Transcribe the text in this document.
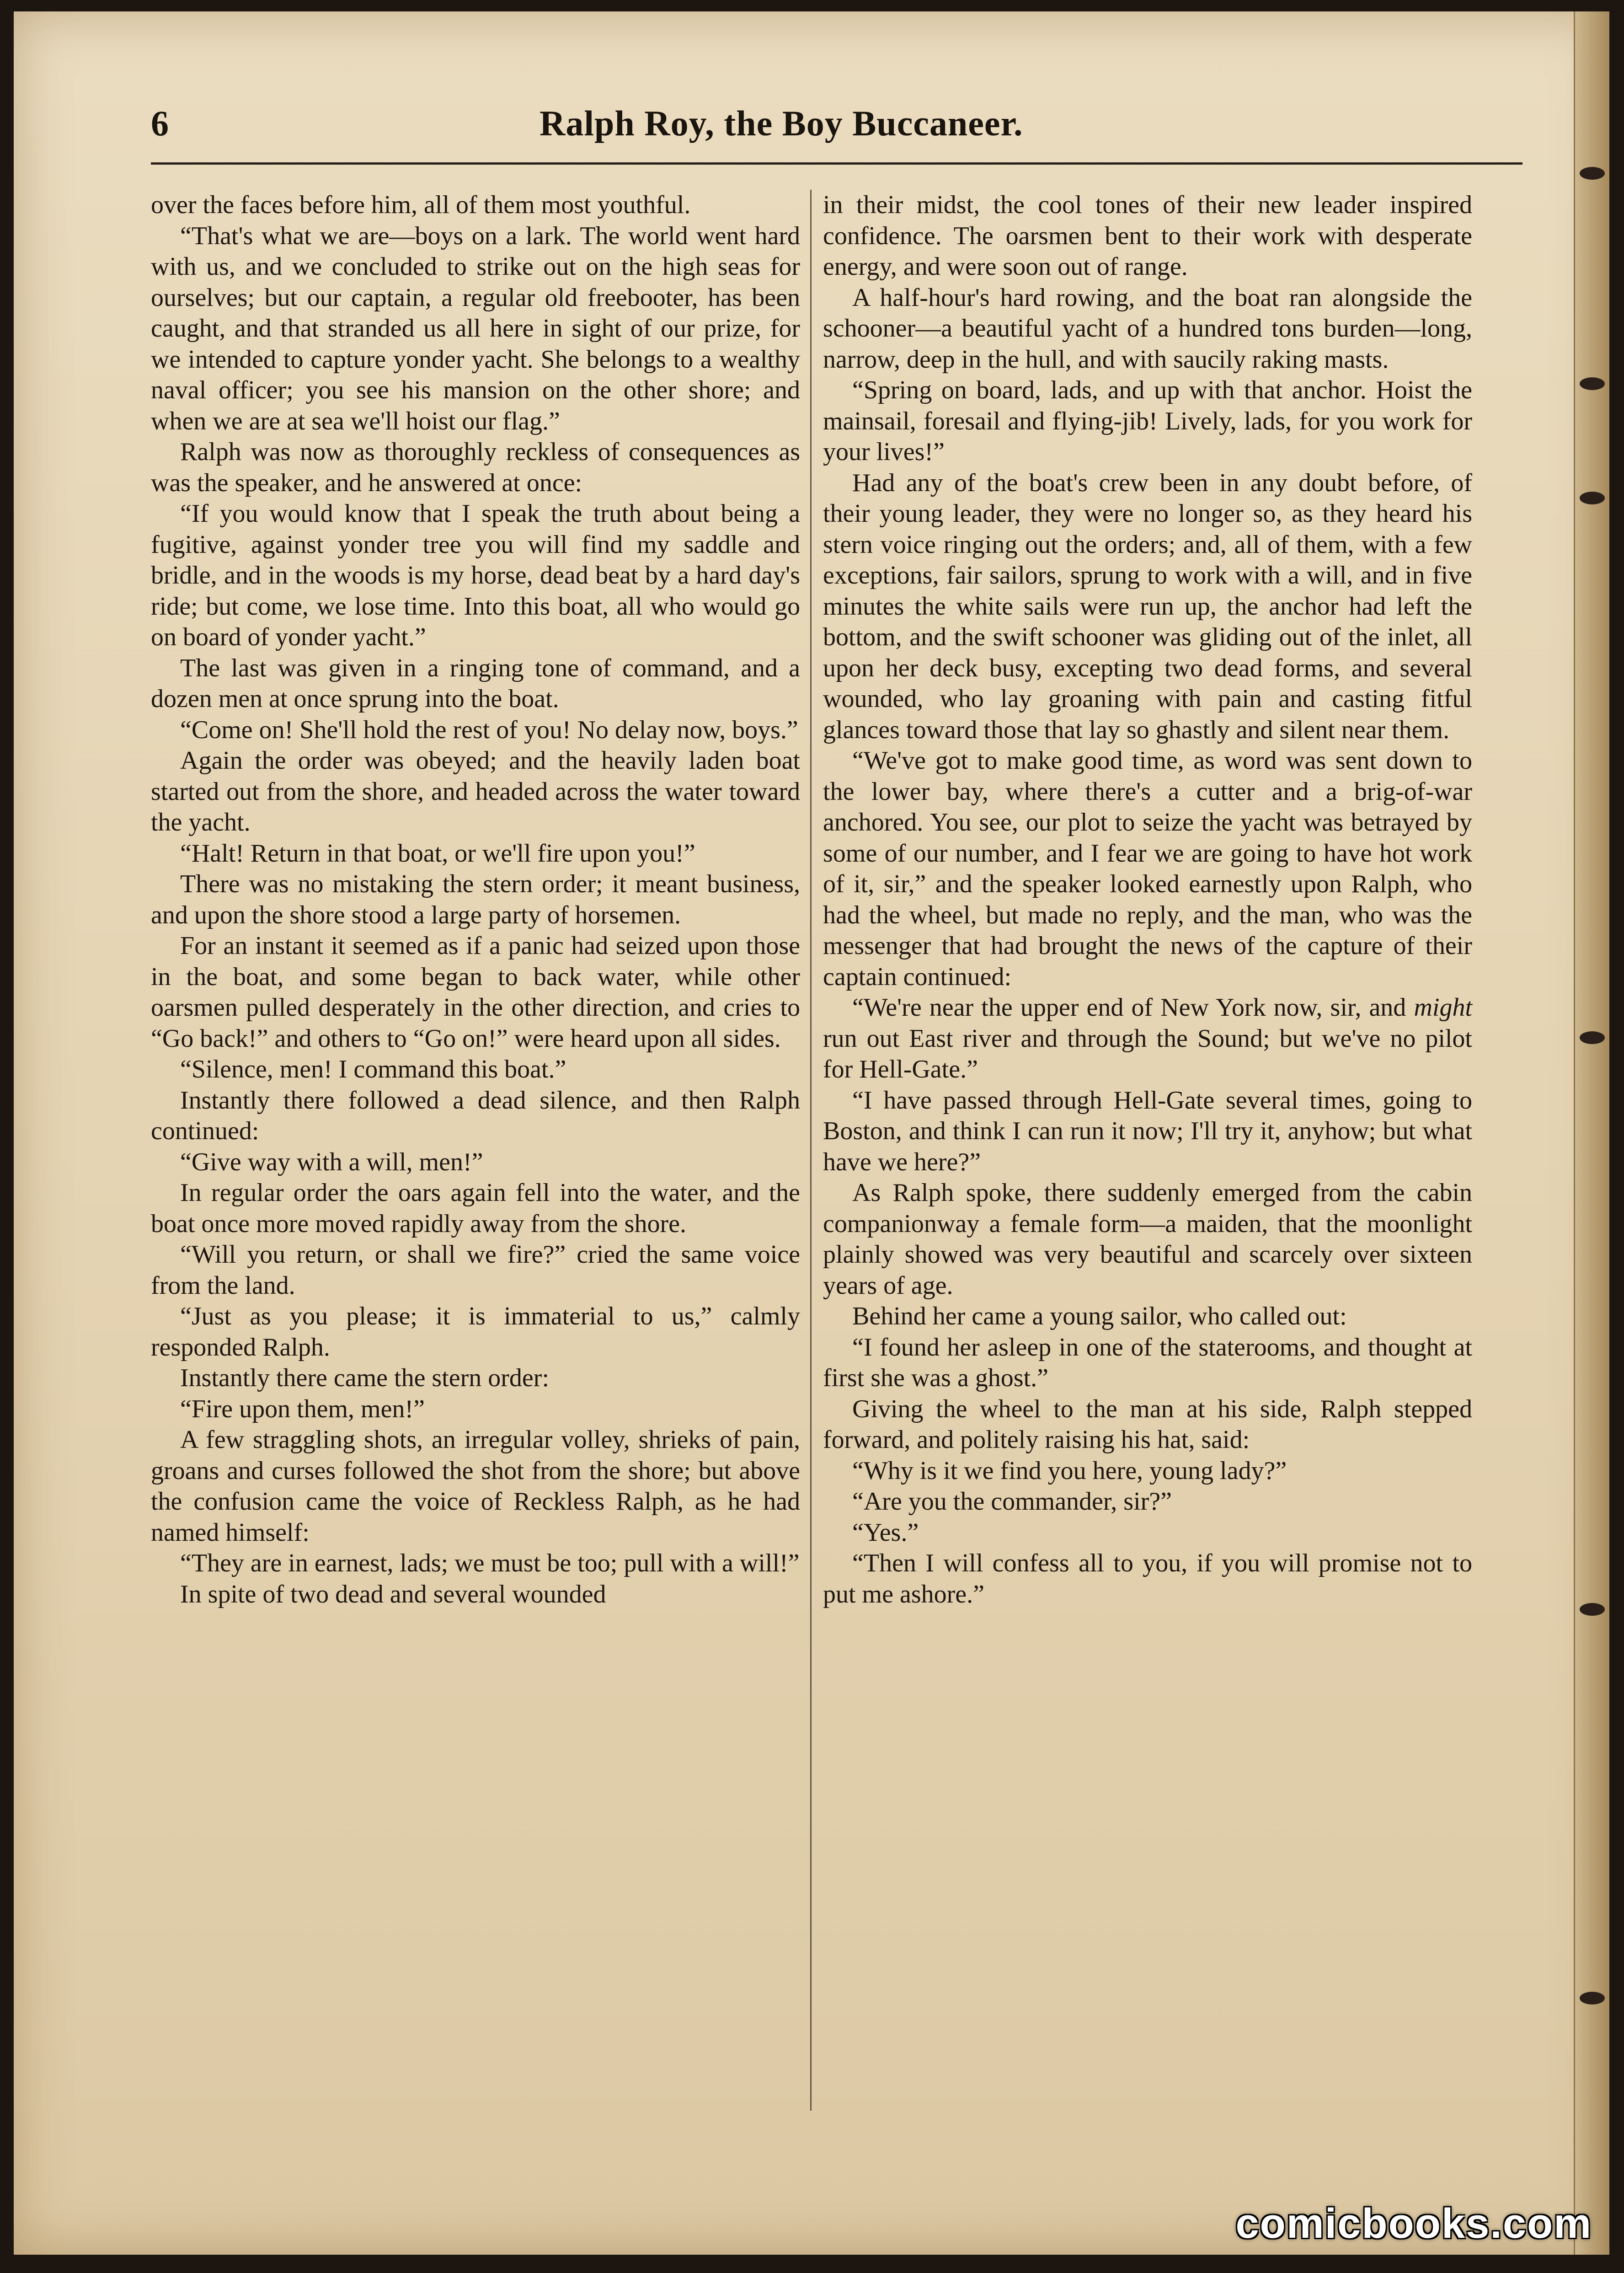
6	Ralph Roy, the Boy Buccaneer.

over the faces before him, all of them most youthful.

“That's what we are—boys on a lark. The world went hard with us, and we concluded to strike out on the high seas for ourselves; but our captain, a regular old freebooter, has been caught, and that stranded us all here in sight of our prize, for we intended to capture yonder yacht. She belongs to a wealthy naval officer; you see his mansion on the other shore; and when we are at sea we'll hoist our flag.”

Ralph was now as thoroughly reckless of consequences as was the speaker, and he answered at once:

“If you would know that I speak the truth about being a fugitive, against yonder tree you will find my saddle and bridle, and in the woods is my horse, dead beat by a hard day's ride; but come, we lose time. Into this boat, all who would go on board of yonder yacht.”

The last was given in a ringing tone of command, and a dozen men at once sprung into the boat.

“Come on! She'll hold the rest of you! No delay now, boys.”

Again the order was obeyed; and the heavily laden boat started out from the shore, and headed across the water toward the yacht.

“Halt! Return in that boat, or we'll fire upon you!”

There was no mistaking the stern order; it meant business, and upon the shore stood a large party of horsemen.

For an instant it seemed as if a panic had seized upon those in the boat, and some began to back water, while other oarsmen pulled desperately in the other direction, and cries to “Go back!” and others to “Go on!” were heard upon all sides.

“Silence, men! I command this boat.”

Instantly there followed a dead silence, and then Ralph continued:

“Give way with a will, men!”

In regular order the oars again fell into the water, and the boat once more moved rapidly away from the shore.

“Will you return, or shall we fire?” cried the same voice from the land.

“Just as you please; it is immaterial to us,” calmly responded Ralph.

Instantly there came the stern order:

“Fire upon them, men!”

A few straggling shots, an irregular volley, shrieks of pain, groans and curses followed the shot from the shore; but above the confusion came the voice of Reckless Ralph, as he had named himself:

“They are in earnest, lads; we must be too; pull with a will!”

In spite of two dead and several wounded

in their midst, the cool tones of their new leader inspired confidence. The oarsmen bent to their work with desperate energy, and were soon out of range.

A half-hour's hard rowing, and the boat ran alongside the schooner—a beautiful yacht of a hundred tons burden—long, narrow, deep in the hull, and with saucily raking masts.

“Spring on board, lads, and up with that anchor. Hoist the mainsail, foresail and flying-jib! Lively, lads, for you work for your lives!”

Had any of the boat's crew been in any doubt before, of their young leader, they were no longer so, as they heard his stern voice ringing out the orders; and, all of them, with a few exceptions, fair sailors, sprung to work with a will, and in five minutes the white sails were run up, the anchor had left the bottom, and the swift schooner was gliding out of the inlet, all upon her deck busy, excepting two dead forms, and several wounded, who lay groaning with pain and casting fitful glances toward those that lay so ghastly and silent near them.

“We've got to make good time, as word was sent down to the lower bay, where there's a cutter and a brig-of-war anchored. You see, our plot to seize the yacht was betrayed by some of our number, and I fear we are going to have hot work of it, sir,” and the speaker looked earnestly upon Ralph, who had the wheel, but made no reply, and the man, who was the messenger that had brought the news of the capture of their captain continued:

“We're near the upper end of New York now, sir, and might run out East river and through the Sound; but we've no pilot for Hell-Gate.”

“I have passed through Hell-Gate several times, going to Boston, and think I can run it now; I'll try it, anyhow; but what have we here?”

As Ralph spoke, there suddenly emerged from the cabin companionway a female form—a maiden, that the moonlight plainly showed was very beautiful and scarcely over sixteen years of age.

Behind her came a young sailor, who called out:

“I found her asleep in one of the staterooms, and thought at first she was a ghost.”

Giving the wheel to the man at his side, Ralph stepped forward, and politely raising his hat, said:

“Why is it we find you here, young lady?”

“Are you the commander, sir?”

“Yes.”

“Then I will confess all to you, if you will promise not to put me ashore.”

comicbooks.com
